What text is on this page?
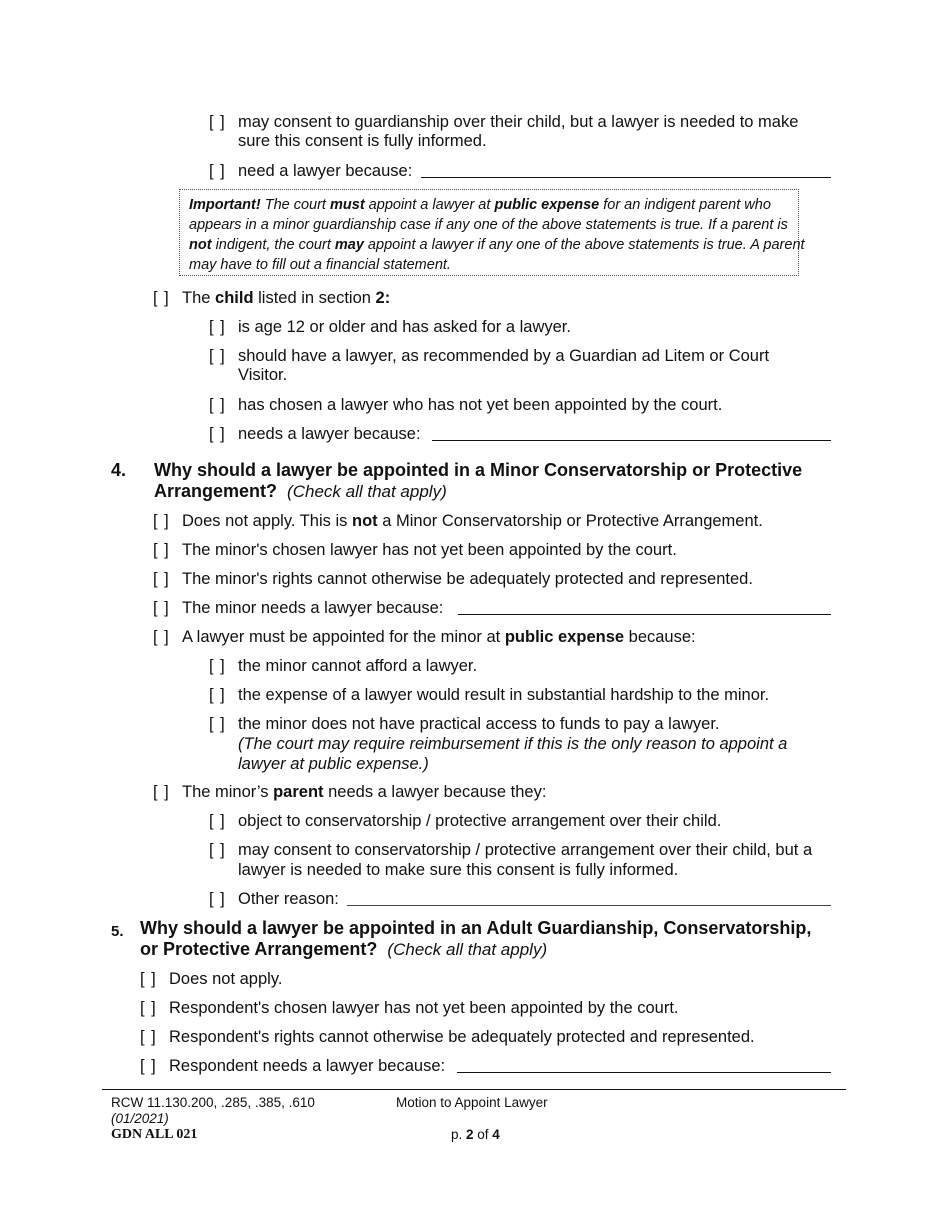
[ ] may consent to guardianship over their child, but a lawyer is needed to make
sure this consent is fully informed.
[ ] need a lawyer because:
Important! The court must appoint a lawyer at public expense for an indigent parent who
appears in a minor guardianship case if any one of the above statements is true. If a parent is
not indigent, the court may appoint a lawyer if any one of the above statements is true. A parent
may have to fill out a financial statement.
[ ] The child listed in section 2:
[ ] is age 12 or older and has asked for a lawyer.
[ ] should have a lawyer, as recommended by a Guardian ad Litem or Court
Visitor.
[ ] has chosen a lawyer who has not yet been appointed by the court.
[ ] needs a lawyer because:
4. Why should a lawyer be appointed in a Minor Conservatorship or Protective
Arrangement? (Check all that apply)
[ ] Does not apply. This is not a Minor Conservatorship or Protective Arrangement.
[ ] The minor's chosen lawyer has not yet been appointed by the court.
[ ] The minor's rights cannot otherwise be adequately protected and represented.
[ ] The minor needs a lawyer because:
[ ] A lawyer must be appointed for the minor at public expense because:
[ ] the minor cannot afford a lawyer.
[ ] the expense of a lawyer would result in substantial hardship to the minor.
[ ] the minor does not have practical access to funds to pay a lawyer.
(The court may require reimbursement if this is the only reason to appoint a
lawyer at public expense.)
[ ] The minor’s parent needs a lawyer because they:
[ ] object to conservatorship / protective arrangement over their child.
[ ] may consent to conservatorship / protective arrangement over their child, but a
lawyer is needed to make sure this consent is fully informed.
[ ] Other reason:
5. Why should a lawyer be appointed in an Adult Guardianship, Conservatorship,
or Protective Arrangement? (Check all that apply)
[ ] Does not apply.
[ ] Respondent's chosen lawyer has not yet been appointed by the court.
[ ] Respondent's rights cannot otherwise be adequately protected and represented.
[ ] Respondent needs a lawyer because:
RCW 11.130.200, .285, .385, .610
(01/2021)
GDN ALL 021
Motion to Appoint Lawyer
p. 2 of 4
